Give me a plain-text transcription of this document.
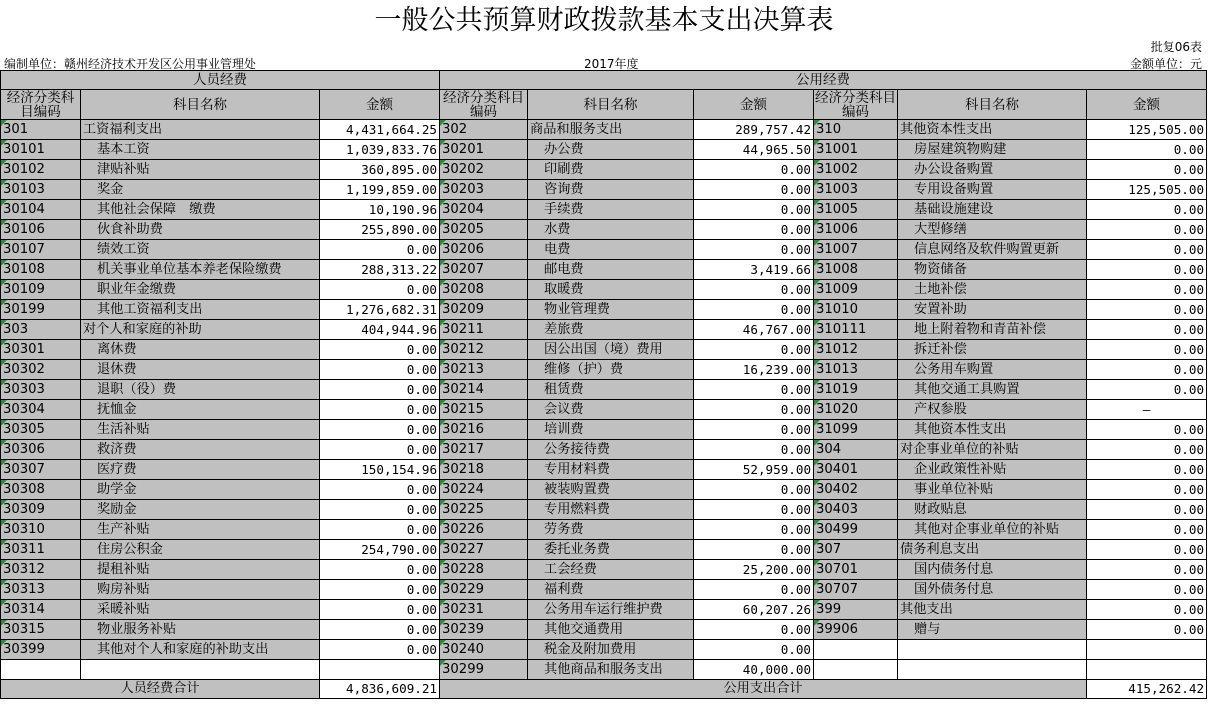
一般公共预算财政拨款基本支出决算表
批复06表
编制单位：赣州经济技术开发区公用事业管理处	2017年度	金额单位：元
人员经费			公用经费					
经济分类科目编码	科目名称	金额	经济分类科目编码	科目名称	金额	经济分类科目编码	科目名称	金额
301	工资福利支出	4,431,664.25	302	商品和服务支出	289,757.42	310	其他资本性支出	125,505.00
30101	基本工资	1,039,833.76	30201	办公费	44,965.50	31001	房屋建筑物购建	0.00
30102	津贴补贴	360,895.00	30202	印刷费	0.00	31002	办公设备购置	0.00
30103	奖金	1,199,859.00	30203	咨询费	0.00	31003	专用设备购置	125,505.00
30104	其他社会保障　缴费	10,190.96	30204	手续费	0.00	31005	基础设施建设	0.00
30106	伙食补助费	255,890.00	30205	水费	0.00	31006	大型修缮	0.00
30107	绩效工资	0.00	30206	电费	0.00	31007	信息网络及软件购置更新	0.00
30108	机关事业单位基本养老保险缴费	288,313.22	30207	邮电费	3,419.66	31008	物资储备	0.00
30109	职业年金缴费	0.00	30208	取暖费	0.00	31009	土地补偿	0.00
30199	其他工资福利支出	1,276,682.31	30209	物业管理费	0.00	31010	安置补助	0.00
303	对个人和家庭的补助	404,944.96	30211	差旅费	46,767.00	310111	地上附着物和青苗补偿	0.00
30301	离休费	0.00	30212	因公出国（境）费用	0.00	31012	拆迁补偿	0.00
30302	退休费	0.00	30213	维修（护）费	16,239.00	31013	公务用车购置	0.00
30303	退职（役）费	0.00	30214	租赁费	0.00	31019	其他交通工具购置	0.00
30304	抚恤金	0.00	30215	会议费	0.00	31020	产权参股	—
30305	生活补贴	0.00	30216	培训费	0.00	31099	其他资本性支出	0.00
30306	救济费	0.00	30217	公务接待费	0.00	304	对企事业单位的补贴	0.00
30307	医疗费	150,154.96	30218	专用材料费	52,959.00	30401	企业政策性补贴	0.00
30308	助学金	0.00	30224	被装购置费	0.00	30402	事业单位补贴	0.00
30309	奖励金	0.00	30225	专用燃料费	0.00	30403	财政贴息	0.00
30310	生产补贴	0.00	30226	劳务费	0.00	30499	其他对企事业单位的补贴	0.00
30311	住房公积金	254,790.00	30227	委托业务费	0.00	307	债务利息支出	0.00
30312	提租补贴	0.00	30228	工会经费	25,200.00	30701	国内债务付息	0.00
30313	购房补贴	0.00	30229	福利费	0.00	30707	国外债务付息	0.00
30314	采暖补贴	0.00	30231	公务用车运行维护费	60,207.26	399	其他支出	0.00
30315	物业服务补贴	0.00	30239	其他交通费用	0.00	39906	赠与	0.00
30399	其他对个人和家庭的补助支出	0.00	30240	税金及附加费用	0.00			
			30299	其他商品和服务支出	40,000.00			
人员经费合计		4,836,609.21	公用支出合计					415,262.42
